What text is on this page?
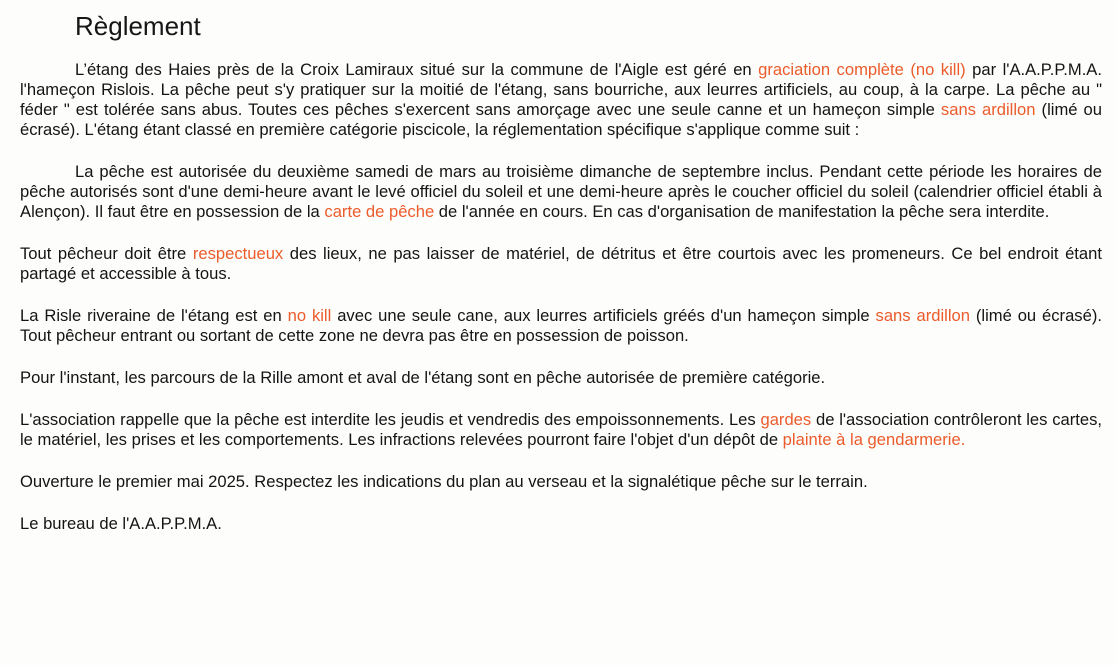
Règlement

L’étang des Haies près de la Croix Lamiraux situé sur la commune de l'Aigle est géré en graciation complète (no kill) par l'A.A.P.P.M.A. l'hameçon Rislois. La pêche peut s'y pratiquer sur la moitié de l'étang, sans bourriche, aux leurres artificiels, au coup, à la carpe. La pêche au " féder " est tolérée sans abus. Toutes ces pêches s'exercent sans amorçage avec une seule canne et un hameçon simple sans ardillon (limé ou écrasé). L'étang étant classé en première catégorie piscicole, la réglementation spécifique s'applique comme suit :

La pêche est autorisée du deuxième samedi de mars au troisième dimanche de septembre inclus. Pendant cette période les horaires de pêche autorisés sont d'une demi-heure avant le levé officiel du soleil et une demi-heure après le coucher officiel du soleil (calendrier officiel établi à Alençon). Il faut être en possession de la carte de pêche de l'année en cours. En cas d'organisation de manifestation la pêche sera interdite.

Tout pêcheur doit être respectueux des lieux, ne pas laisser de matériel, de détritus et être courtois avec les promeneurs. Ce bel endroit étant partagé et accessible à tous.

La Risle riveraine de l'étang est en no kill avec une seule cane, aux leurres artificiels gréés d'un hameçon simple sans ardillon (limé ou écrasé). Tout pêcheur entrant ou sortant de cette zone ne devra pas être en possession de poisson.

Pour l'instant, les parcours de la Rille amont et aval de l'étang sont en pêche autorisée de première catégorie.

L'association rappelle que la pêche est interdite les jeudis et vendredis des empoissonnements. Les gardes de l'association contrôleront les cartes, le matériel, les prises et les comportements. Les infractions relevées pourront faire l'objet d'un dépôt de plainte à la gendarmerie.

Ouverture le premier mai 2025. Respectez les indications du plan au verseau et la signalétique pêche sur le terrain.

Le bureau de l'A.A.P.P.M.A.
